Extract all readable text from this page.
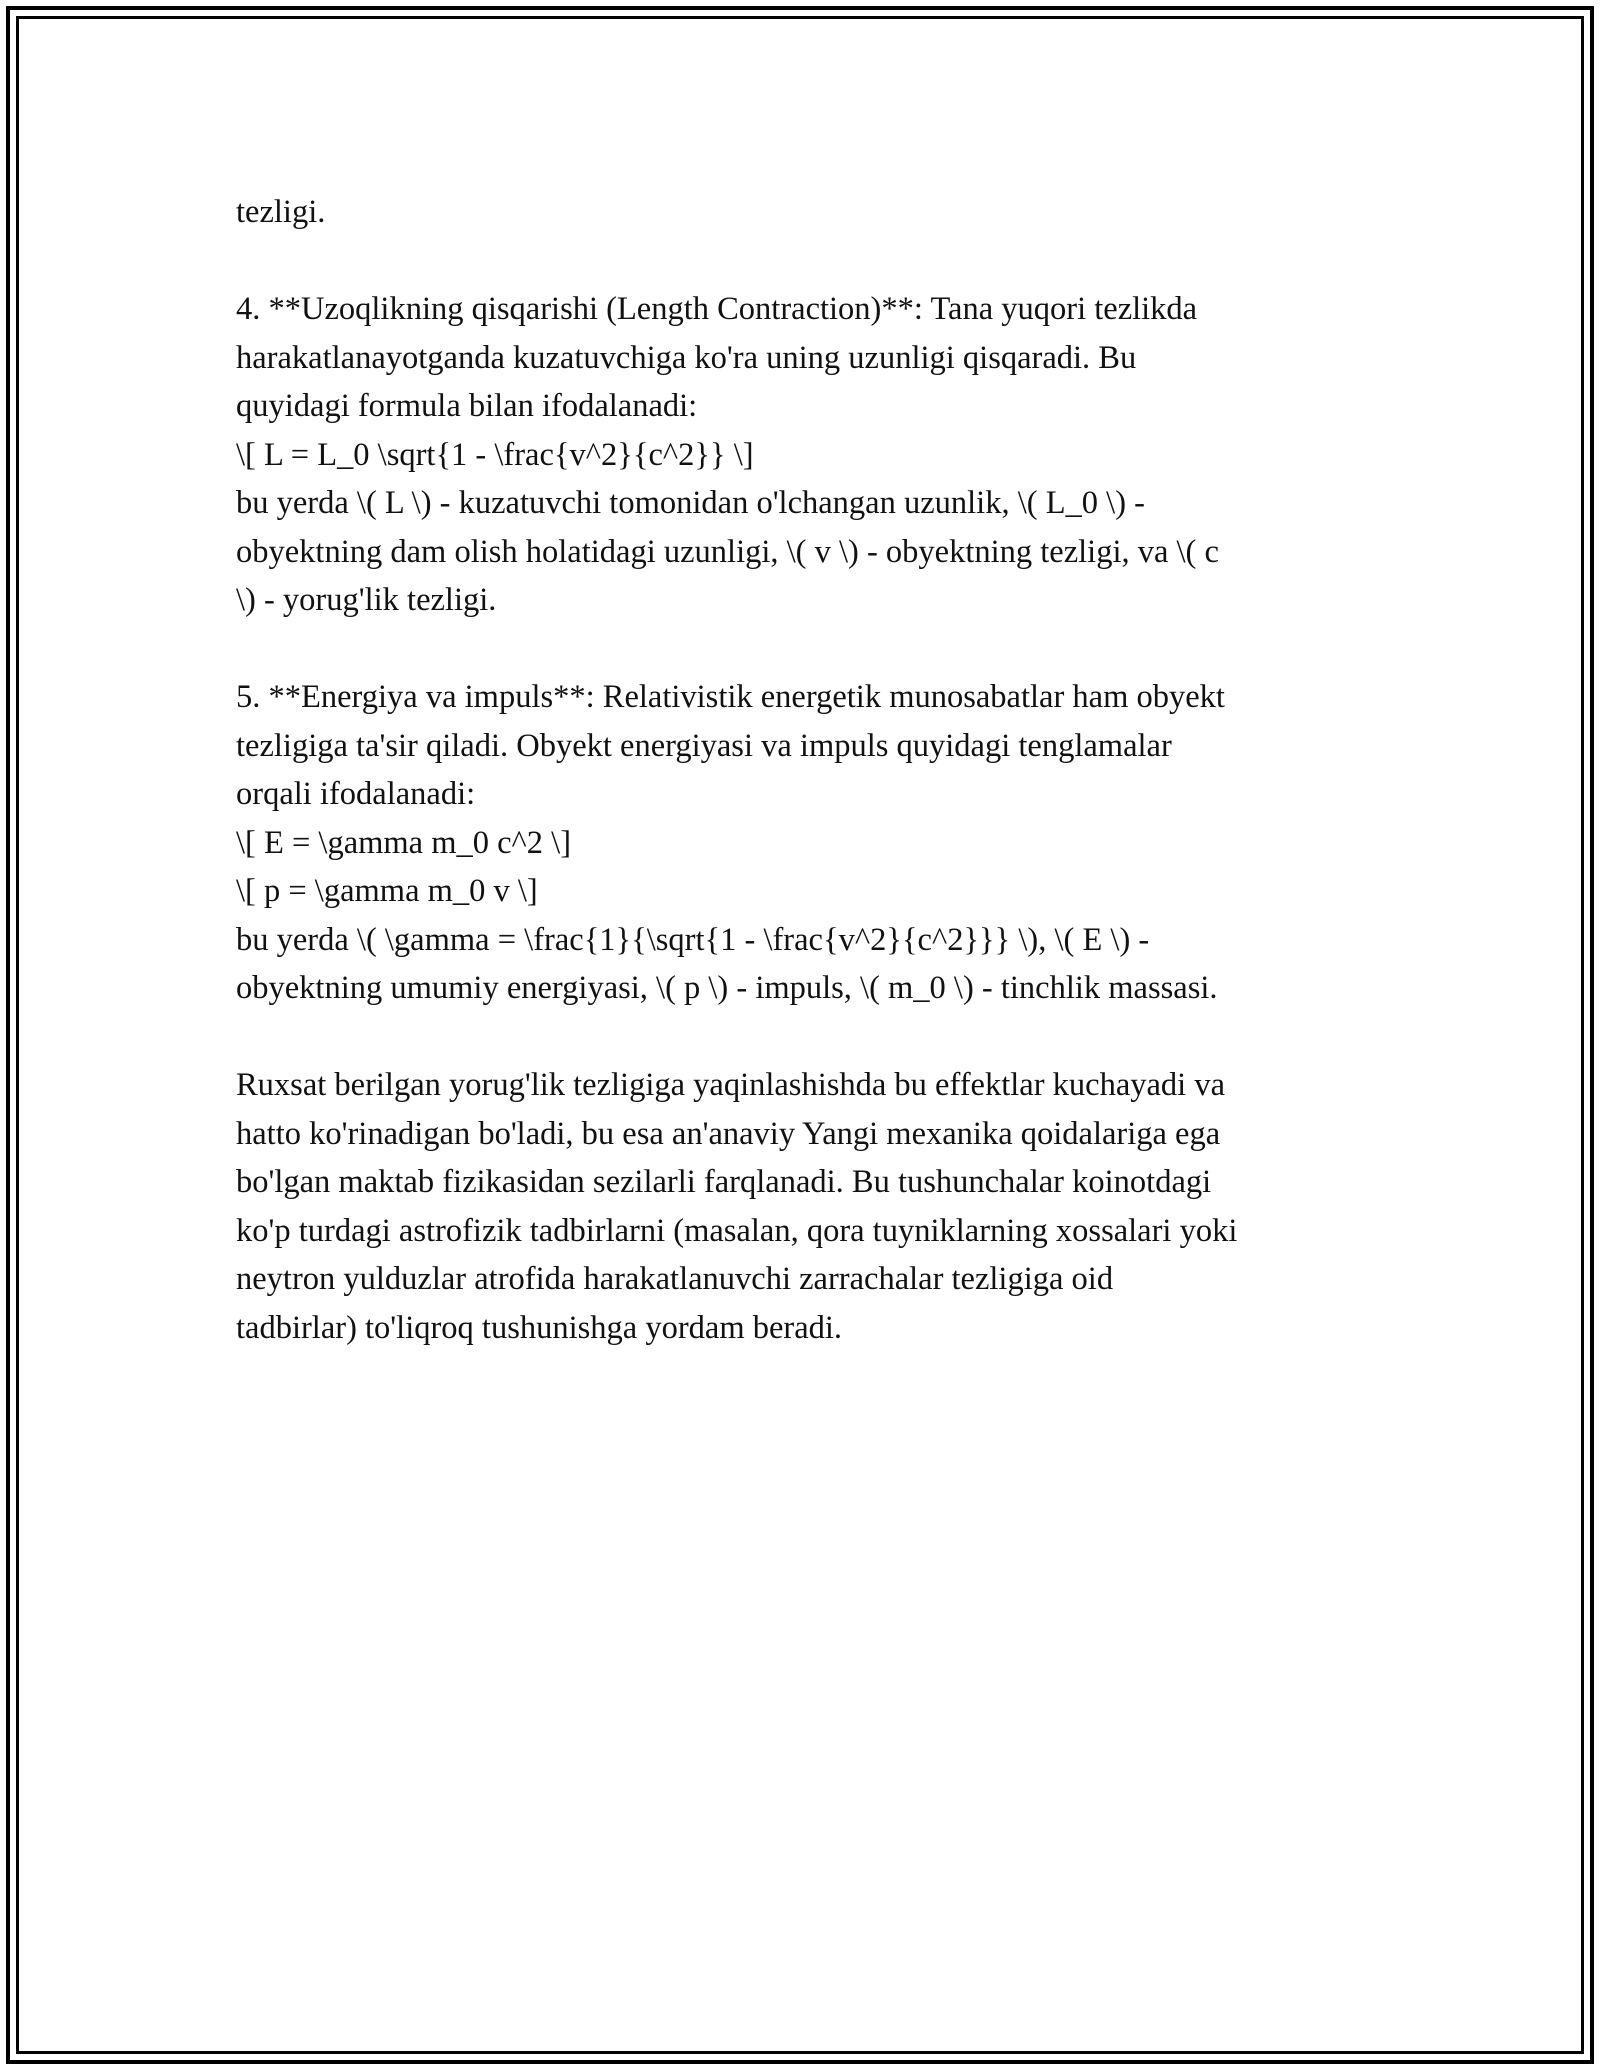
tezligi.
4. **Uzoqlikning qisqarishi (Length Contraction)**: Tana yuqori tezlikda
harakatlanayotganda kuzatuvchiga ko'ra uning uzunligi qisqaradi. Bu
quyidagi formula bilan ifodalanadi:
\[ L = L_0 \sqrt{1 - \frac{v^2}{c^2}} \]
bu yerda \( L \) - kuzatuvchi tomonidan o'lchangan uzunlik, \( L_0 \) -
obyektning dam olish holatidagi uzunligi, \( v \) - obyektning tezligi, va \( c
\) - yorug'lik tezligi.
5. **Energiya va impuls**: Relativistik energetik munosabatlar ham obyekt
tezligiga ta'sir qiladi. Obyekt energiyasi va impuls quyidagi tenglamalar
orqali ifodalanadi:
\[ E = \gamma m_0 c^2 \]
\[ p = \gamma m_0 v \]
bu yerda \( \gamma = \frac{1}{\sqrt{1 - \frac{v^2}{c^2}}} \), \( E \) -
obyektning umumiy energiyasi, \( p \) - impuls, \( m_0 \) - tinchlik massasi.
Ruxsat berilgan yorug'lik tezligiga yaqinlashishda bu effektlar kuchayadi va
hatto ko'rinadigan bo'ladi, bu esa an'anaviy Yangi mexanika qoidalariga ega
bo'lgan maktab fizikasidan sezilarli farqlanadi. Bu tushunchalar koinotdagi
ko'p turdagi astrofizik tadbirlarni (masalan, qora tuyniklarning xossalari yoki
neytron yulduzlar atrofida harakatlanuvchi zarrachalar tezligiga oid
tadbirlar) to'liqroq tushunishga yordam beradi.
